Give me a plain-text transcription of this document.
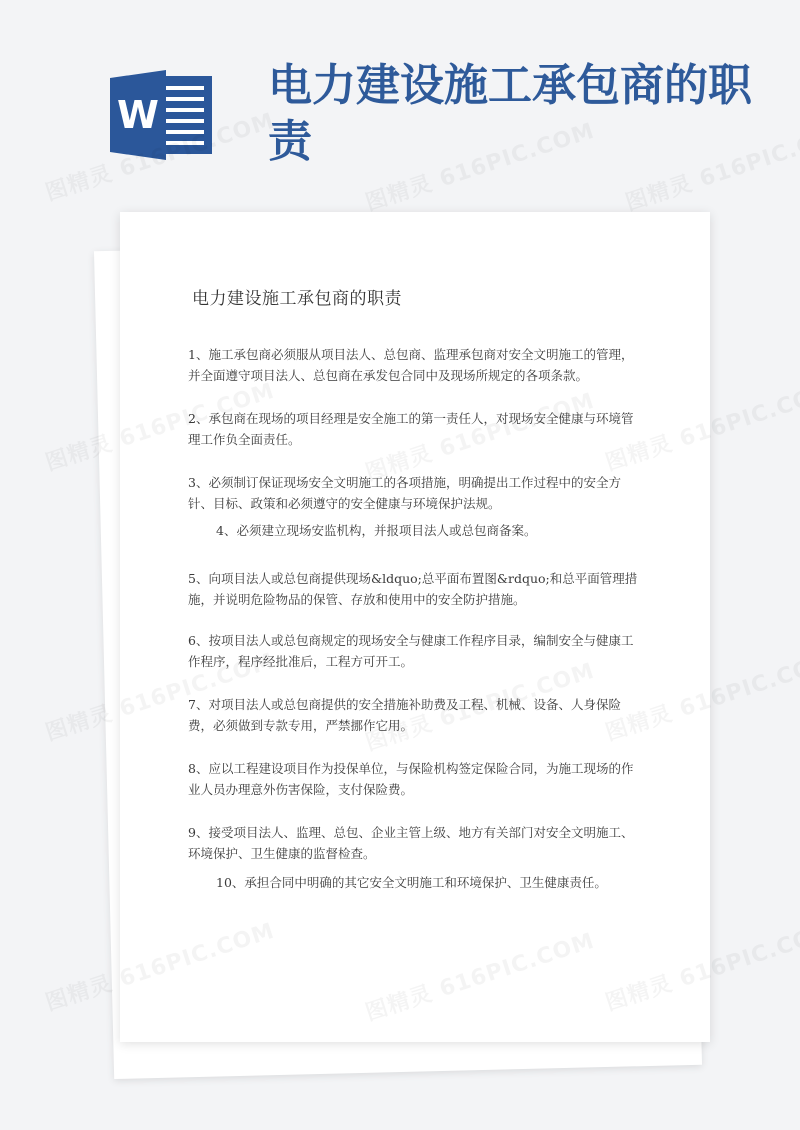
W
电力建设施工承包商的职责
电力建设施工承包商的职责

1、施工承包商必须服从项目法人、总包商、监理承包商对安全文明施工的管理，并全面遵守项目法人、总包商在承发包合同中及现场所规定的各项条款。

2、承包商在现场的项目经理是安全施工的第一责任人，对现场安全健康与环境管理工作负全面责任。

3、必须制订保证现场安全文明施工的各项措施，明确提出工作过程中的安全方针、目标、政策和必须遵守的安全健康与环境保护法规。

4、必须建立现场安监机构，并报项目法人或总包商备案。

5、向项目法人或总包商提供现场&ldquo;总平面布置图&rdquo;和总平面管理措施，并说明危险物品的保管、存放和使用中的安全防护措施。

6、按项目法人或总包商规定的现场安全与健康工作程序目录，编制安全与健康工作程序，程序经批准后，工程方可开工。

7、对项目法人或总包商提供的安全措施补助费及工程、机械、设备、人身保险费，必须做到专款专用，严禁挪作它用。

8、应以工程建设项目作为投保单位，与保险机构签定保险合同，为施工现场的作业人员办理意外伤害保险，支付保险费。

9、接受项目法人、监理、总包、企业主管上级、地方有关部门对安全文明施工、环境保护、卫生健康的监督检查。

10、承担合同中明确的其它安全文明施工和环境保护、卫生健康责任。
